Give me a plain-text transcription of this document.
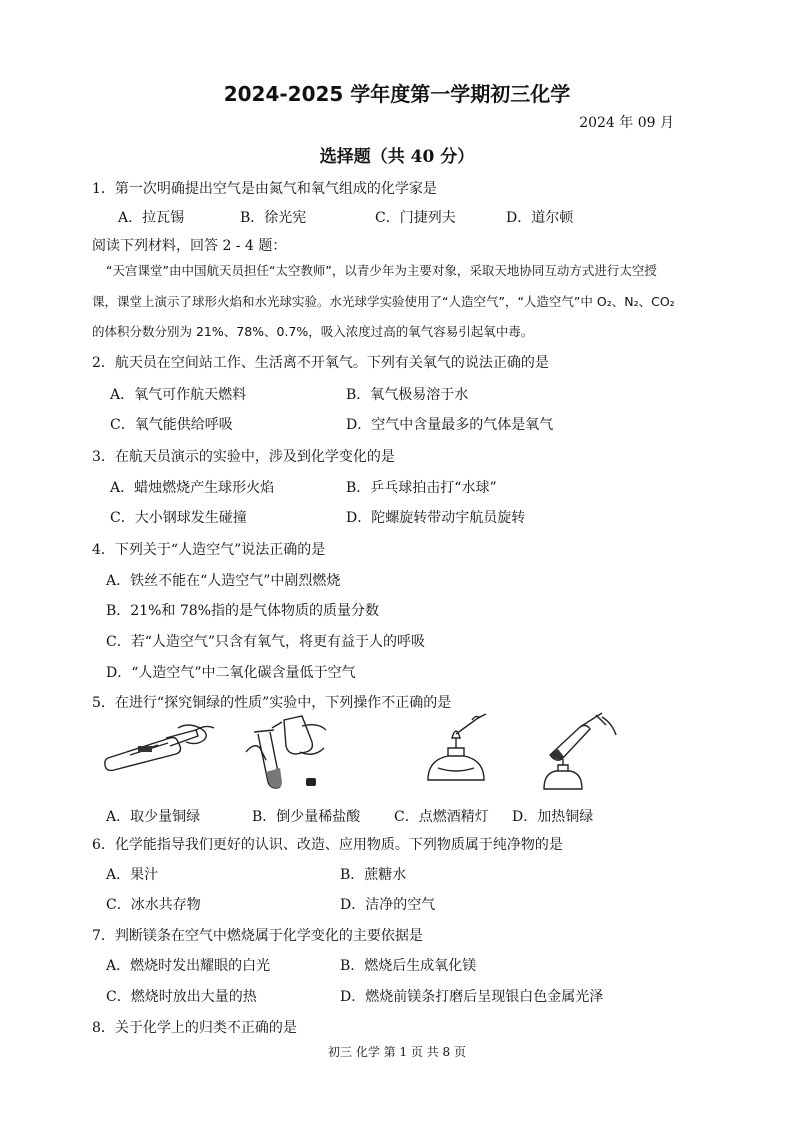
2024-2025 学年度第一学期初三化学
2024 年 09 月
选择题（共 40 分）
1．第一次明确提出空气是由氮气和氧气组成的化学家是
A．拉瓦锡	B．徐光宪	C．门捷列夫	D．道尔顿
阅读下列材料，回答 2 - 4 题：
“天宫课堂”由中国航天员担任“太空教师”，以青少年为主要对象，采取天地协同互动方式进行太空授
课，课堂上演示了球形火焰和水光球实验。水光球学实验使用了“人造空气”，“人造空气”中 O₂、N₂、CO₂
的体积分数分别为 21%、78%、0.7%，吸入浓度过高的氧气容易引起氧中毒。
2．航天员在空间站工作、生活离不开氧气。下列有关氧气的说法正确的是
A．氧气可作航天燃料	B．氧气极易溶于水
C．氧气能供给呼吸	D．空气中含量最多的气体是氧气
3．在航天员演示的实验中，涉及到化学变化的是
A．蜡烛燃烧产生球形火焰	B．乒乓球拍击打“水球”
C．大小钢球发生碰撞	D．陀螺旋转带动宇航员旋转
4．下列关于“人造空气”说法正确的是
A．铁丝不能在“人造空气”中剧烈燃烧
B．21%和 78%指的是气体物质的质量分数
C．若“人造空气”只含有氧气，将更有益于人的呼吸
D．“人造空气”中二氧化碳含量低于空气
5．在进行“探究铜绿的性质”实验中，下列操作不正确的是
A．取少量铜绿	B．倒少量稀盐酸 C．点燃酒精灯 D．加热铜绿
6．化学能指导我们更好的认识、改造、应用物质。下列物质属于纯净物的是
A．果汁	B．蔗糖水
C．冰水共存物	D．洁净的空气
7．判断镁条在空气中燃烧属于化学变化的主要依据是
A．燃烧时发出耀眼的白光	B．燃烧后生成氧化镁
C．燃烧时放出大量的热	D．燃烧前镁条打磨后呈现银白色金属光泽
8．关于化学上的归类不正确的是
初三 化学 第 1 页 共 8 页
